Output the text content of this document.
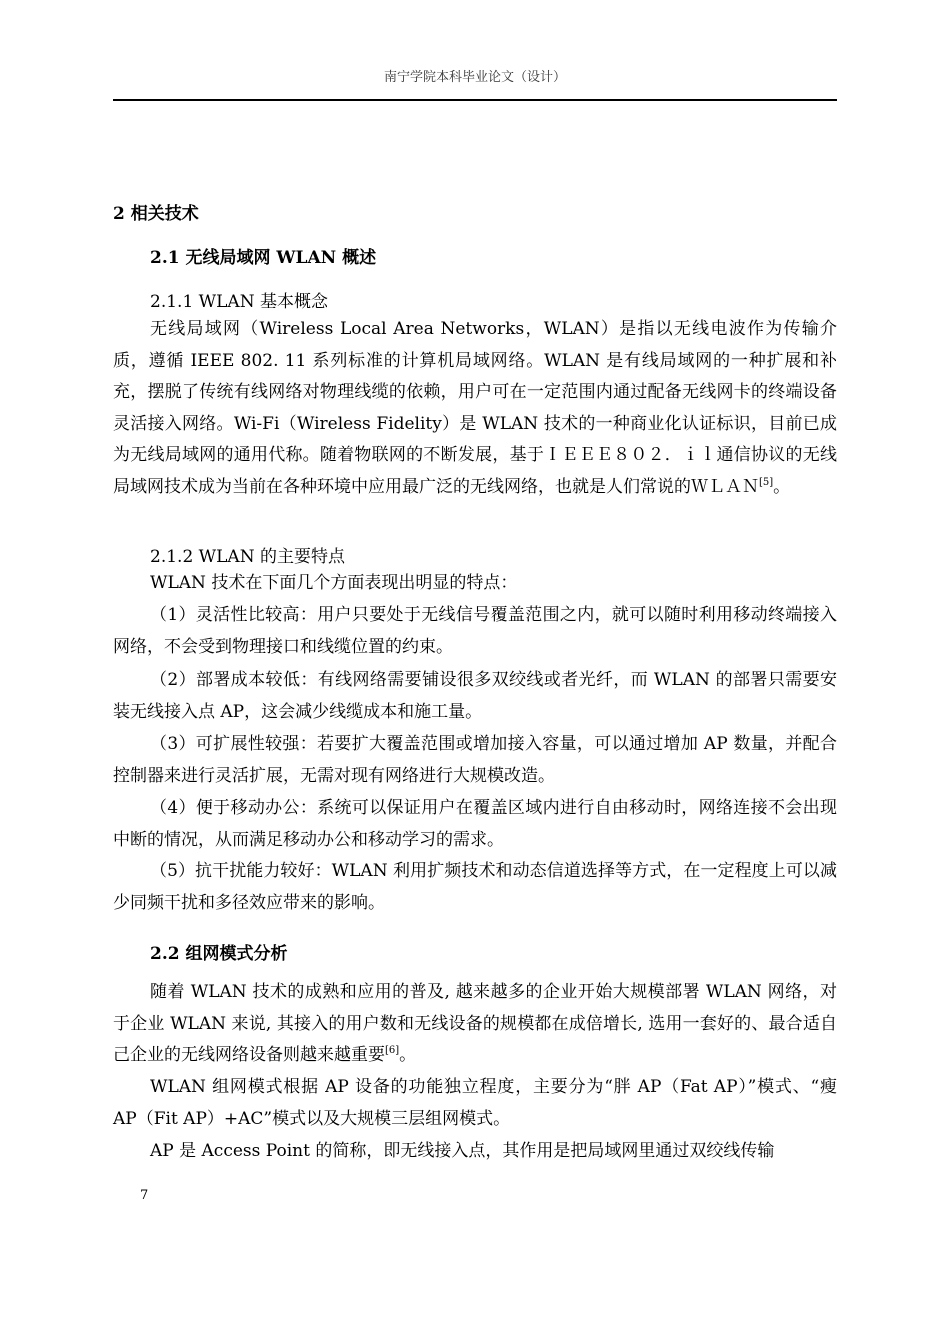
南宁学院本科毕业论文（设计）
2 相关技术
2.1 无线局域网 WLAN 概述
2.1.1 WLAN 基本概念

无线局域网（Wireless Local Area Networks，WLAN）是指以无线电波作为传输介质，遵循 IEEE 802. 11 系列标准的计算机局域网络。WLAN 是有线局域网的一种扩展和补充，摆脱了传统有线网络对物理线缆的依赖，用户可在一定范围内通过配备无线网卡的终端设备灵活接入网络。Wi-Fi（Wireless Fidelity）是 WLAN 技术的一种商业化认证标识，目前已成为无线局域网的通用代称。随着物联网的不断发展，基于ＩＥＥＥ８０２．ｉｌ通信协议的无线局域网技术成为当前在各种环境中应用最广泛的无线网络，也就是人们常说的ＷＬＡＮ[5]。

2.1.2 WLAN 的主要特点

WLAN 技术在下面几个方面表现出明显的特点：

（1）灵活性比较高：用户只要处于无线信号覆盖范围之内，就可以随时利用移动终端接入网络，不会受到物理接口和线缆位置的约束。

（2）部署成本较低：有线网络需要铺设很多双绞线或者光纤，而 WLAN 的部署只需要安装无线接入点 AP，这会减少线缆成本和施工量。

（3）可扩展性较强：若要扩大覆盖范围或增加接入容量，可以通过增加 AP 数量，并配合控制器来进行灵活扩展，无需对现有网络进行大规模改造。

（4）便于移动办公：系统可以保证用户在覆盖区域内进行自由移动时，网络连接不会出现中断的情况，从而满足移动办公和移动学习的需求。

（5）抗干扰能力较好：WLAN 利用扩频技术和动态信道选择等方式，在一定程度上可以减少同频干扰和多径效应带来的影响。

2.2 组网模式分析

随着 WLAN 技术的成熟和应用的普及, 越来越多的企业开始大规模部署 WLAN 网络，对于企业 WLAN 来说, 其接入的用户数和无线设备的规模都在成倍增长, 选用一套好的、最合适自己企业的无线网络设备则越来越重要[6]。

WLAN 组网模式根据 AP 设备的功能独立程度，主要分为“胖 AP（Fat AP）”模式、“瘦 AP（Fit AP）+AC”模式以及大规模三层组网模式。

AP 是 Access Point 的简称，即无线接入点，其作用是把局域网里通过双绞线传输

7
